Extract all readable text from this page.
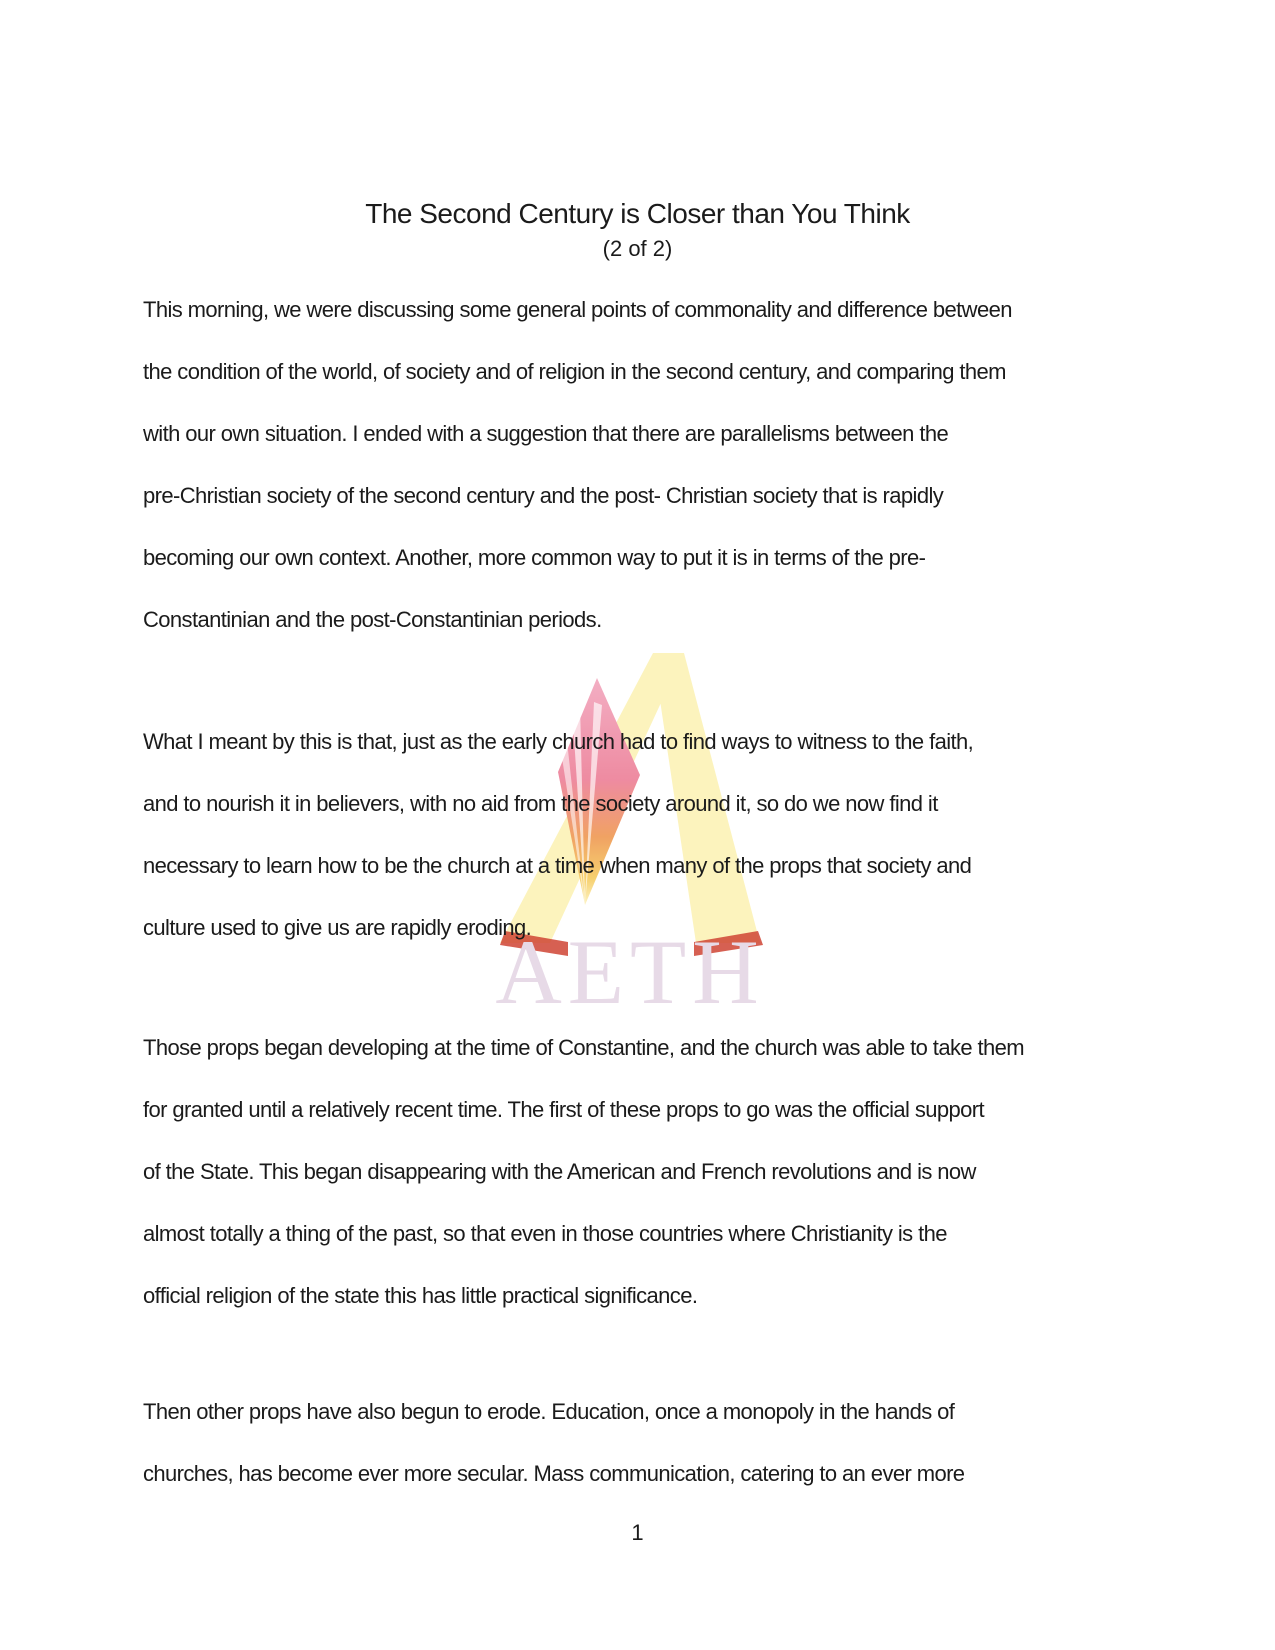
AETH
The Second Century is Closer than You Think
(2 of 2)
This morning, we were discussing some general points of commonality and difference between
the condition of the world, of society and of religion in the second century, and comparing them
with our own situation. I ended with a suggestion that there are parallelisms between the
pre-Christian society of the second century and the post- Christian society that is rapidly
becoming our own context. Another, more common way to put it is in terms of the pre-
Constantinian and the post-Constantinian periods.
What I meant by this is that, just as the early church had to find ways to witness to the faith,
and to nourish it in believers, with no aid from the society around it, so do we now find it
necessary to learn how to be the church at a time when many of the props that society and
culture used to give us are rapidly eroding.
Those props began developing at the time of Constantine, and the church was able to take them
for granted until a relatively recent time. The first of these props to go was the official support
of the State. This began disappearing with the American and French revolutions and is now
almost totally a thing of the past, so that even in those countries where Christianity is the
official religion of the state this has little practical significance.
Then other props have also begun to erode. Education, once a monopoly in the hands of
churches, has become ever more secular. Mass communication, catering to an ever more
1
